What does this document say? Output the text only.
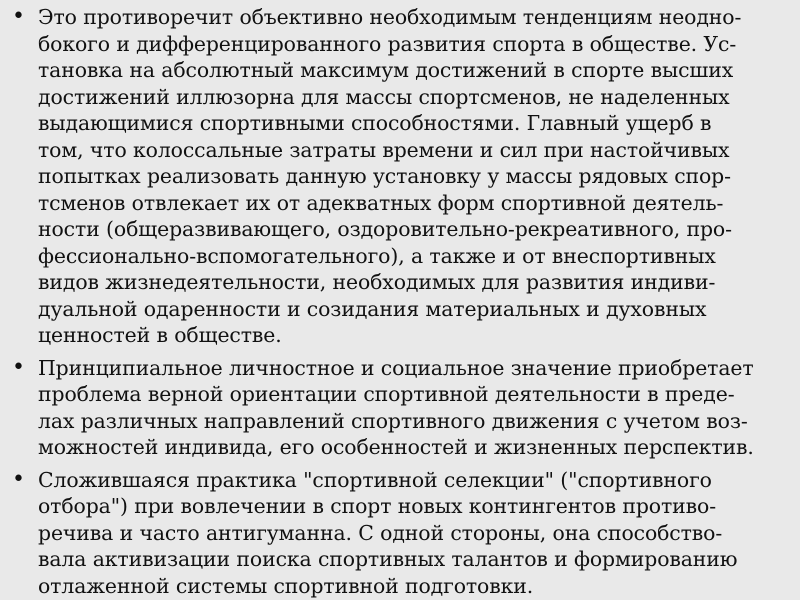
• Это противоречит объективно необходимым тенденциям неодно-
бокого и дифференцированного развития спорта в обществе. Ус-
тановка на абсолютный максимум достижений в спорте высших
достижений иллюзорна для массы спортсменов, не наделенных
выдающимися спортивными способностями. Главный ущерб в
том, что колоссальные затраты времени и сил при настойчивых
попытках реализовать данную установку у массы рядовых спор-
тсменов отвлекает их от адекватных форм спортивной деятель-
ности (общеразвивающего, оздоровительно-рекреативного, про-
фессионально-вспомогательного), а также и от внеспортивных
видов жизнедеятельности, необходимых для развития индиви-
дуальной одаренности и созидания материальных и духовных
ценностей в обществе.
• Принципиальное личностное и социальное значение приобретает
проблема верной ориентации спортивной деятельности в преде-
лах различных направлений спортивного движения с учетом воз-
можностей индивида, его особенностей и жизненных перспектив.
• Сложившаяся практика "спортивной селекции" ("спортивного
отбора") при вовлечении в спорт новых контингентов противо-
речива и часто антигуманна. С одной стороны, она способство-
вала активизации поиска спортивных талантов и формированию
отлаженной системы спортивной подготовки.
